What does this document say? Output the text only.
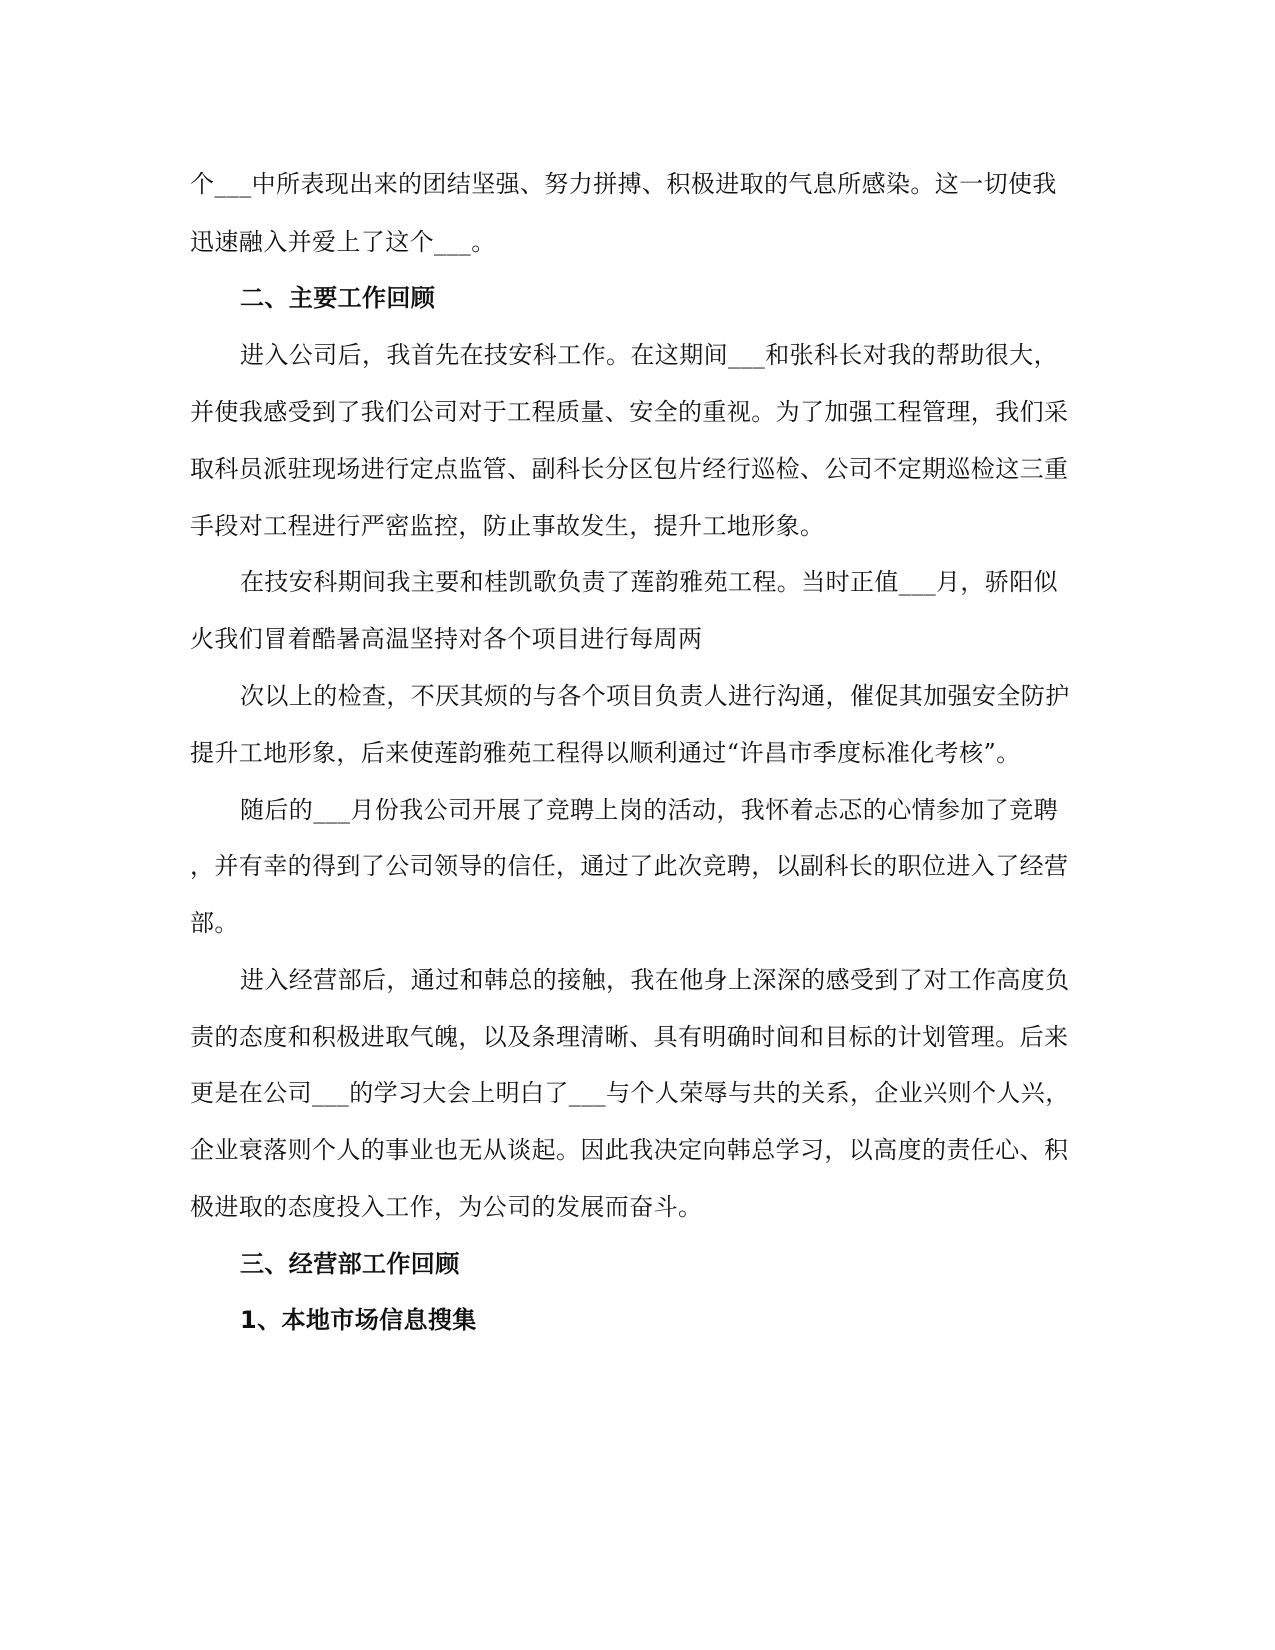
个___中所表现出来的团结坚强、努力拼搏、积极进取的气息所感染。这一切使我
迅速融入并爱上了这个___。
二、主要工作回顾
进入公司后，我首先在技安科工作。在这期间___和张科长对我的帮助很大，
并使我感受到了我们公司对于工程质量、安全的重视。为了加强工程管理，我们采
取科员派驻现场进行定点监管、副科长分区包片经行巡检、公司不定期巡检这三重
手段对工程进行严密监控，防止事故发生，提升工地形象。
在技安科期间我主要和桂凯歌负责了莲韵雅苑工程。当时正值___月，骄阳似
火我们冒着酷暑高温坚持对各个项目进行每周两
次以上的检查，不厌其烦的与各个项目负责人进行沟通，催促其加强安全防护
提升工地形象，后来使莲韵雅苑工程得以顺利通过“许昌市季度标准化考核”。
随后的___月份我公司开展了竞聘上岗的活动，我怀着忐忑的心情参加了竞聘
，并有幸的得到了公司领导的信任，通过了此次竞聘，以副科长的职位进入了经营
部。
进入经营部后，通过和韩总的接触，我在他身上深深的感受到了对工作高度负
责的态度和积极进取气魄，以及条理清晰、具有明确时间和目标的计划管理。后来
更是在公司___的学习大会上明白了___与个人荣辱与共的关系，企业兴则个人兴，
企业衰落则个人的事业也无从谈起。因此我决定向韩总学习，以高度的责任心、积
极进取的态度投入工作，为公司的发展而奋斗。
三、经营部工作回顾
1、本地市场信息搜集
